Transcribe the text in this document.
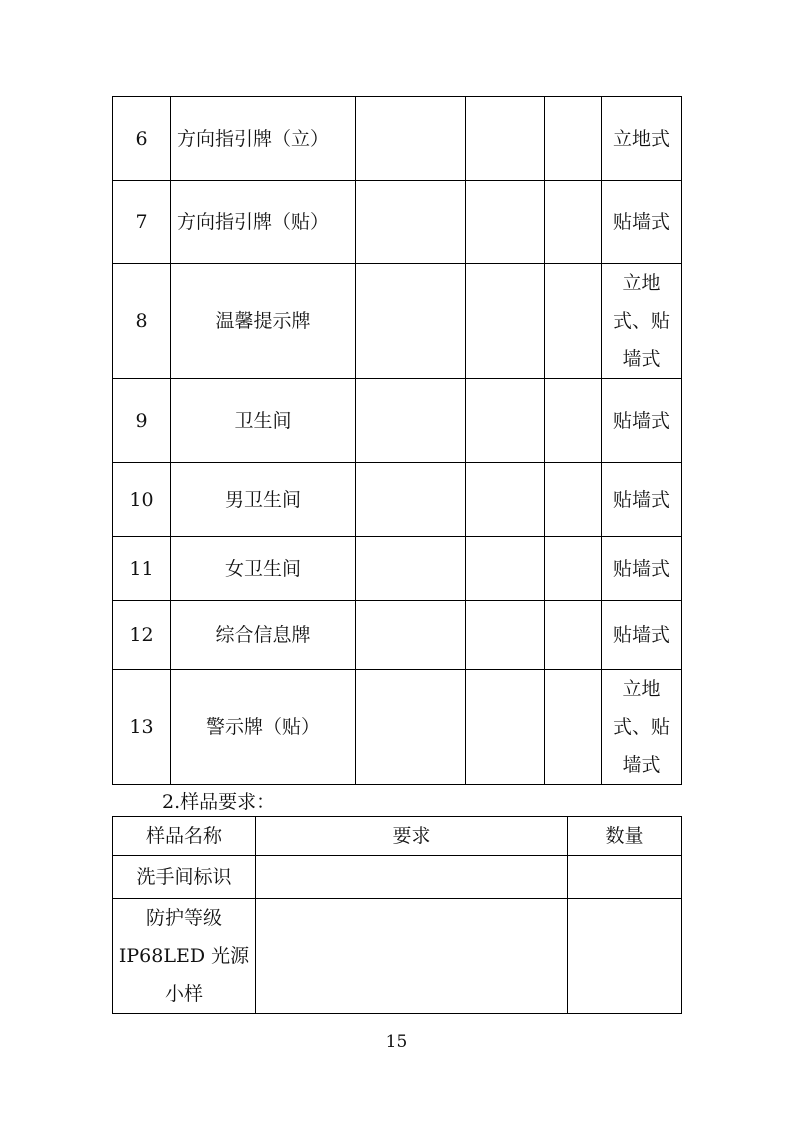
6	方向指引牌（立）				立地式
7	方向指引牌（贴）				贴墙式
8	温馨提示牌				立地
式、贴
墙式

9	卫生间				贴墙式
10	男卫生间				贴墙式
11	女卫生间				贴墙式
12	综合信息牌				贴墙式
13	警示牌（贴）				立地
式、贴
墙式
2.样品要求：
样品名称	要求	数量
洗手间标识		

防护等级
IP68LED 光源
小样		

15
